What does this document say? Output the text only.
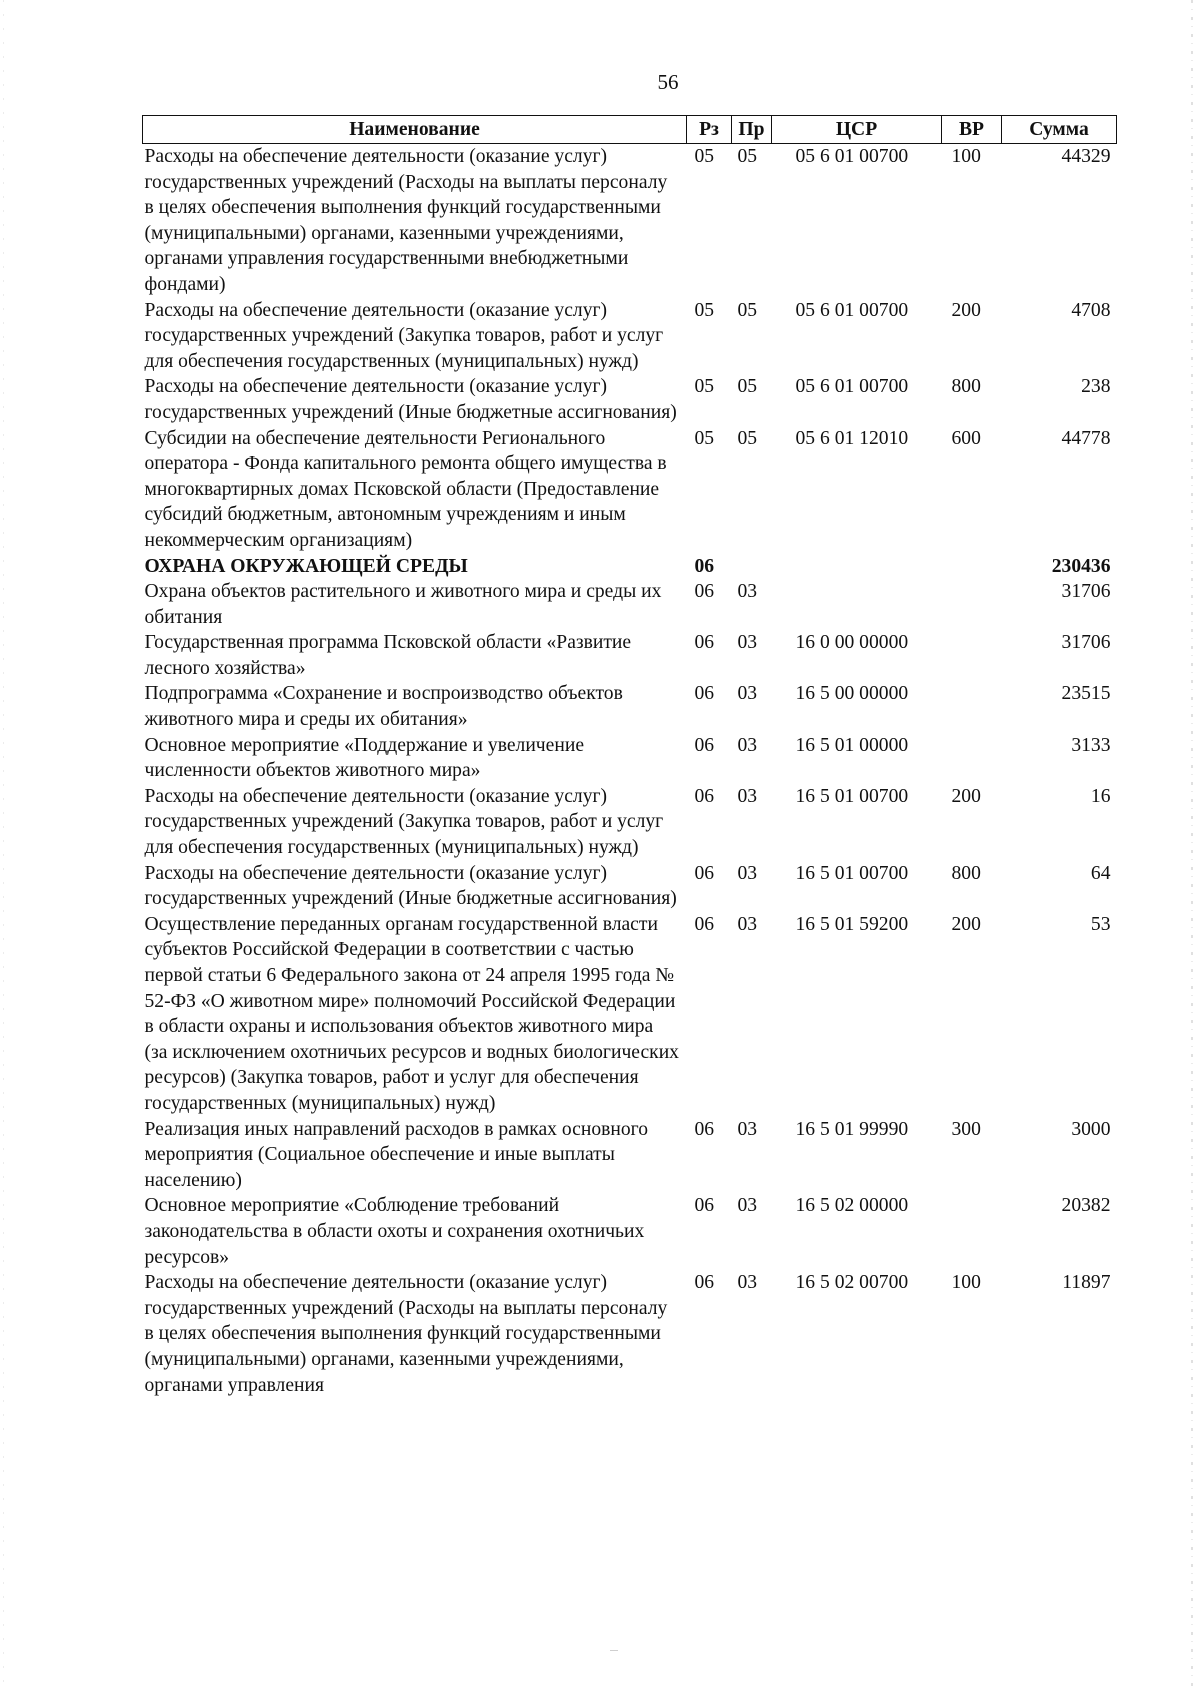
56
Наименование	Рз	Пр	ЦСР	ВР	Сумма
Расходы на обеспечение деятельности (оказание услуг) государственных учреждений (Расходы на выплаты персоналу в целях обеспечения выполнения функций государственными (муниципальными) органами, казенными учреждениями, органами управления государственными внебюджетными фондами)	05	05	05 6 01 00700	100	44329
Расходы на обеспечение деятельности (оказание услуг) государственных учреждений (Закупка товаров, работ и услуг для обеспечения государственных (муниципальных) нужд)	05	05	05 6 01 00700	200	4708
Расходы на обеспечение деятельности (оказание услуг) государственных учреждений (Иные бюджетные ассигнования)	05	05	05 6 01 00700	800	238
Субсидии на обеспечение деятельности Регионального оператора - Фонда капитального ремонта общего имущества в многоквартирных домах Псковской области (Предоставление субсидий бюджетным, автономным учреждениям и иным некоммерческим организациям)	05	05	05 6 01 12010	600	44778
ОХРАНА ОКРУЖАЮЩЕЙ СРЕДЫ	06				230436
Охрана объектов растительного и животного мира и среды их обитания	06	03			31706
Государственная программа Псковской области «Развитие лесного хозяйства»	06	03	16 0 00 00000		31706
Подпрограмма «Сохранение и воспроизводство объектов животного мира и среды их обитания»	06	03	16 5 00 00000		23515
Основное мероприятие «Поддержание и увеличение численности объектов животного мира»	06	03	16 5 01 00000		3133
Расходы на обеспечение деятельности (оказание услуг) государственных учреждений (Закупка товаров, работ и услуг для обеспечения государственных (муниципальных) нужд)	06	03	16 5 01 00700	200	16
Расходы на обеспечение деятельности (оказание услуг) государственных учреждений (Иные бюджетные ассигнования)	06	03	16 5 01 00700	800	64
Осуществление переданных органам государственной власти субъектов Российской Федерации в соответствии с частью первой статьи 6 Федерального закона от 24 апреля 1995 года № 52-ФЗ «О животном мире» полномочий Российской Федерации в области охраны и использования объектов животного мира (за исключением охотничьих ресурсов и водных биологических ресурсов) (Закупка товаров, работ и услуг для обеспечения государственных (муниципальных) нужд)	06	03	16 5 01 59200	200	53
Реализация иных направлений расходов в рамках основного мероприятия (Социальное обеспечение и иные выплаты населению)	06	03	16 5 01 99990	300	3000
Основное мероприятие «Соблюдение требований законодательства в области охоты и сохранения охотничьих ресурсов»	06	03	16 5 02 00000		20382
Расходы на обеспечение деятельности (оказание услуг) государственных учреждений (Расходы на выплаты персоналу в целях обеспечения выполнения функций государственными (муниципальными) органами, казенными учреждениями, органами управления	06	03	16 5 02 00700	100	11897
